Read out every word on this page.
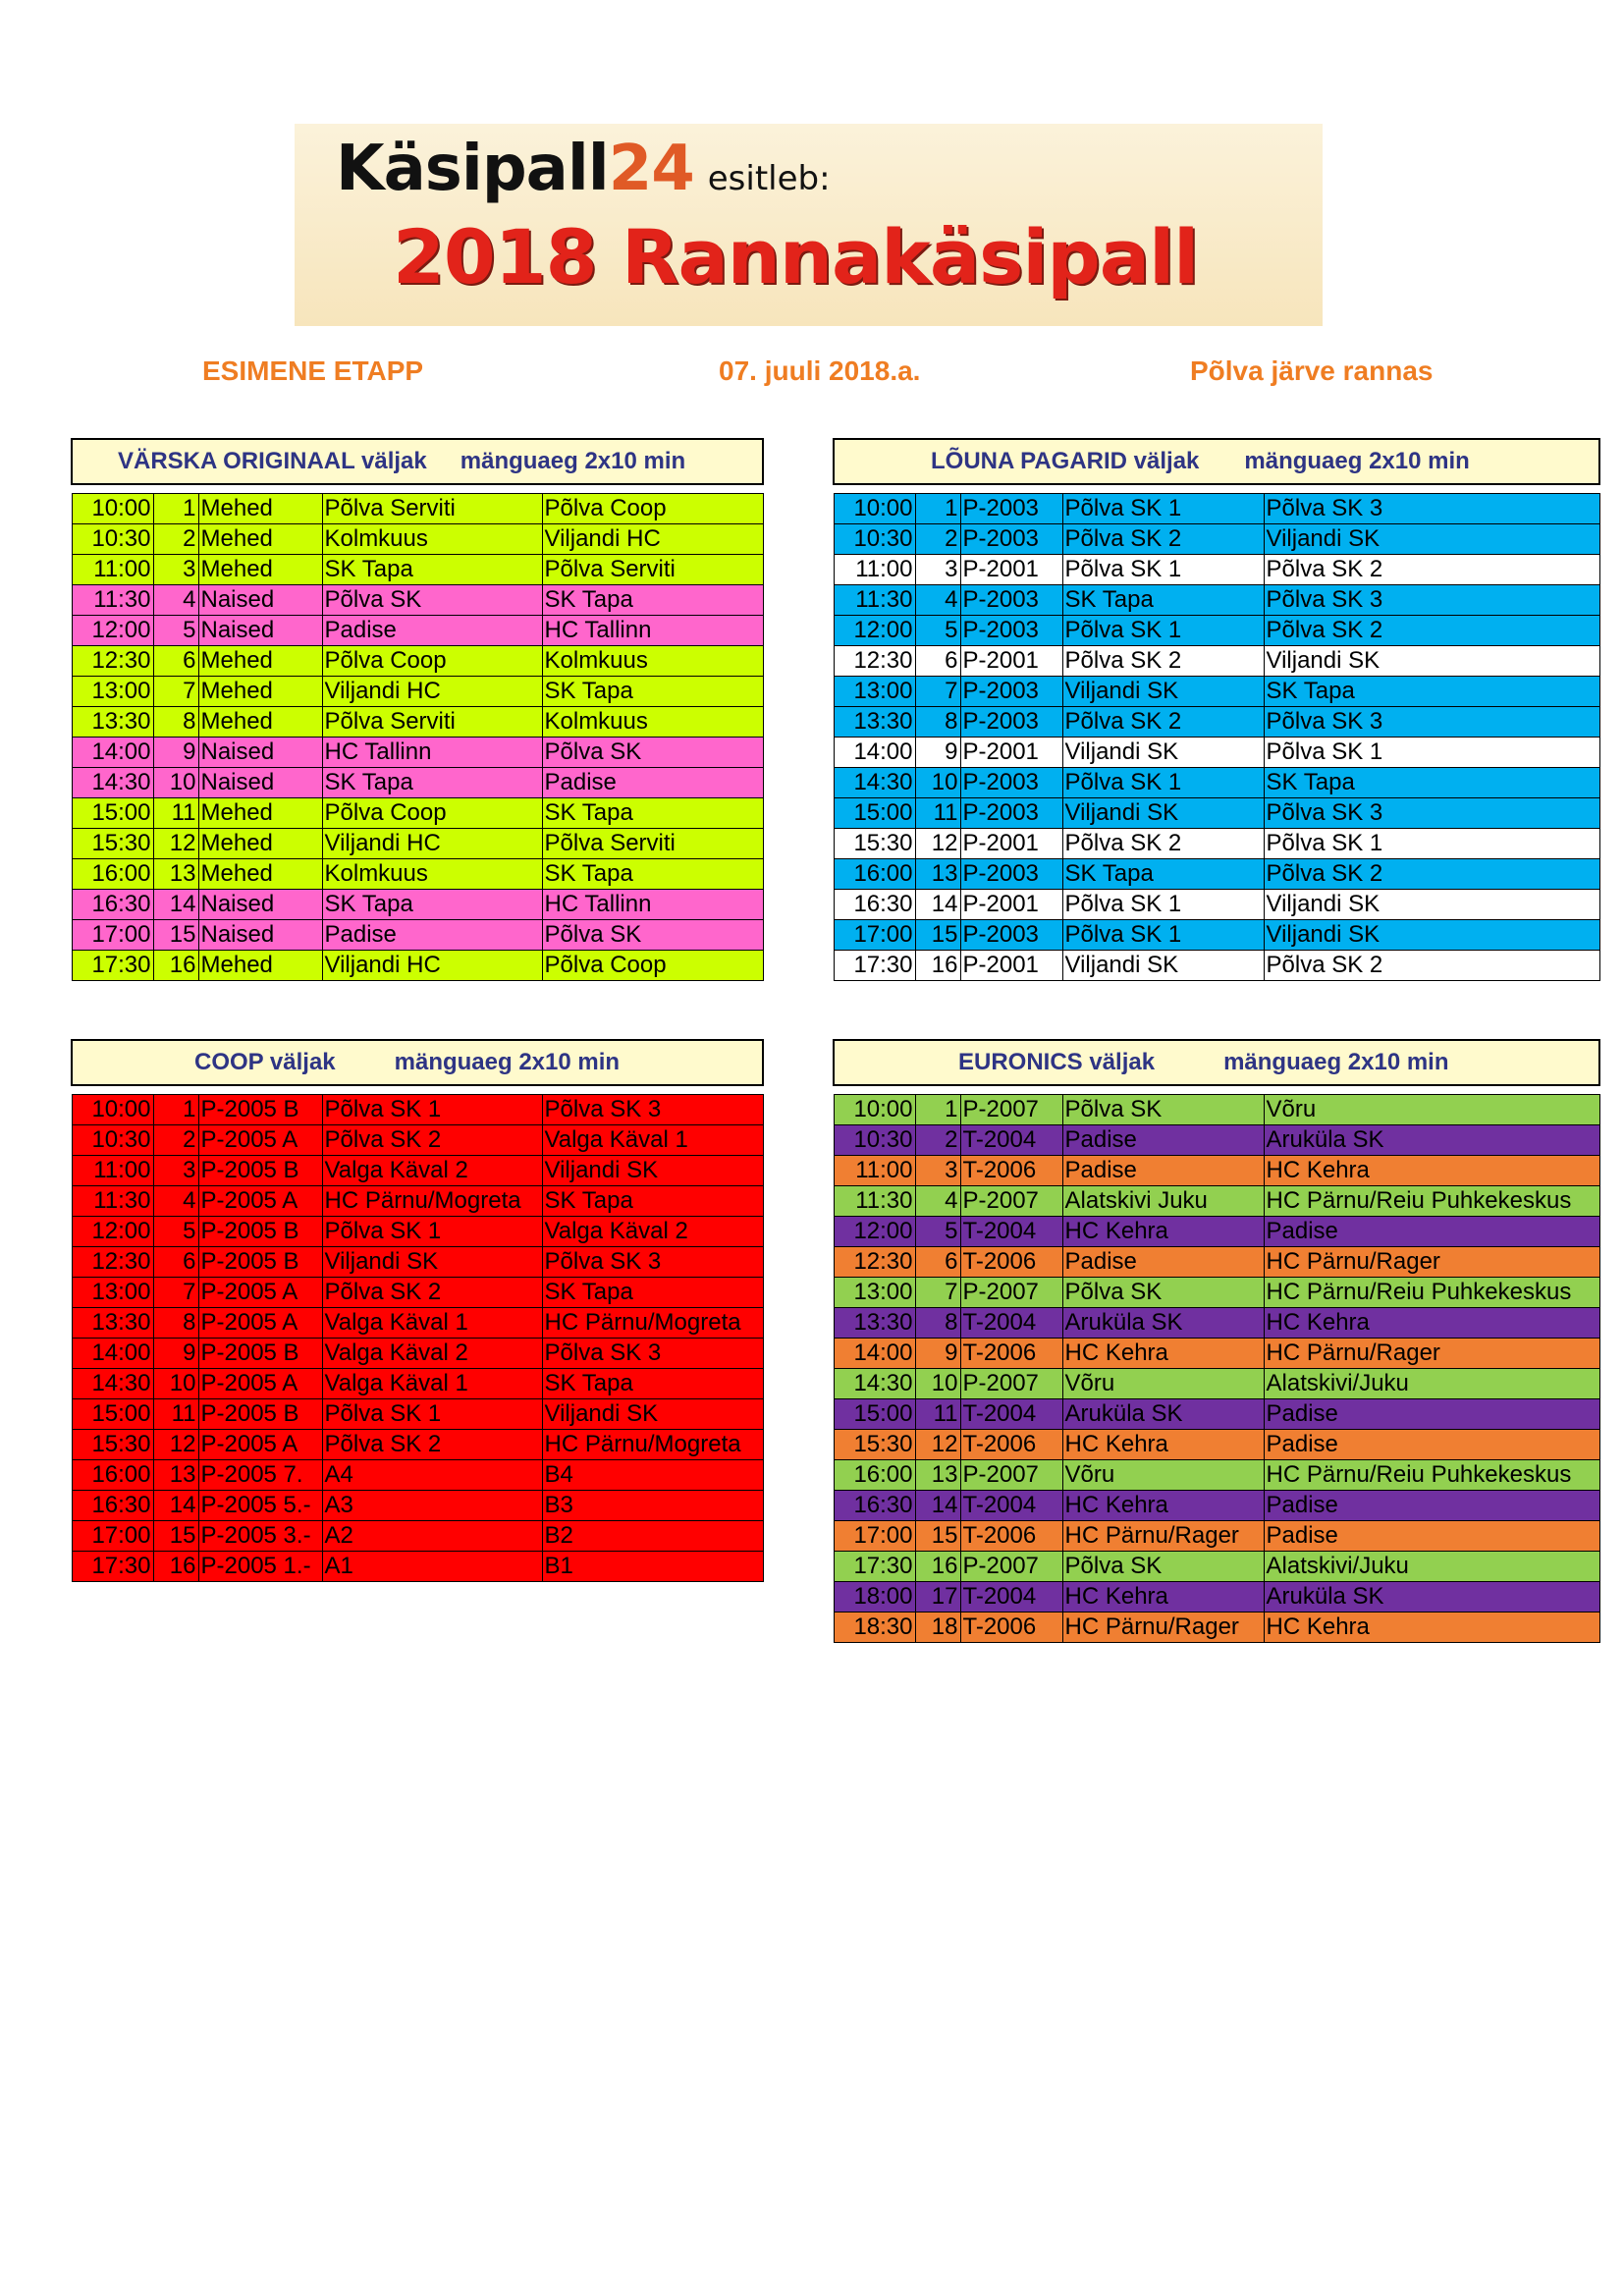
Käsipall24 esitleb:
2018 Rannakäsipall
ESIMENE ETAPP	07. juuli 2018.a.	Põlva järve rannas
VÄRSKA ORIGINAAL väljak mänguaeg 2x10 min				

10:00	1	Mehed	Põlva Serviti	Põlva Coop
10:30	2	Mehed	Kolmkuus	Viljandi HC
11:00	3	Mehed	SK Tapa	Põlva Serviti
11:30	4	Naised	Põlva SK	SK Tapa
12:00	5	Naised	Padise	HC Tallinn
12:30	6	Mehed	Põlva Coop	Kolmkuus
13:00	7	Mehed	Viljandi HC	SK Tapa
13:30	8	Mehed	Põlva Serviti	Kolmkuus
14:00	9	Naised	HC Tallinn	Põlva SK
14:30	10	Naised	SK Tapa	Padise
15:00	11	Mehed	Põlva Coop	SK Tapa
15:30	12	Mehed	Viljandi HC	Põlva Serviti
16:00	13	Mehed	Kolmkuus	SK Tapa
16:30	14	Naised	SK Tapa	HC Tallinn
17:00	15	Naised	Padise	Põlva SK
17:30	16	Mehed	Viljandi HC	Põlva Coop
LÕUNA PAGARID väljak mänguaeg 2x10 min				

10:00	1	P-2003	Põlva SK 1	Põlva SK 3
10:30	2	P-2003	Põlva SK 2	Viljandi SK
11:00	3	P-2001	Põlva SK 1	Põlva SK 2
11:30	4	P-2003	SK Tapa	Põlva SK 3
12:00	5	P-2003	Põlva SK 1	Põlva SK 2
12:30	6	P-2001	Põlva SK 2	Viljandi SK
13:00	7	P-2003	Viljandi SK	SK Tapa
13:30	8	P-2003	Põlva SK 2	Põlva SK 3
14:00	9	P-2001	Viljandi SK	Põlva SK 1
14:30	10	P-2003	Põlva SK 1	SK Tapa
15:00	11	P-2003	Viljandi SK	Põlva SK 3
15:30	12	P-2001	Põlva SK 2	Põlva SK 1
16:00	13	P-2003	SK Tapa	Põlva SK 2
16:30	14	P-2001	Põlva SK 1	Viljandi SK
17:00	15	P-2003	Põlva SK 1	Viljandi SK
17:30	16	P-2001	Viljandi SK	Põlva SK 2
COOP väljak mänguaeg 2x10 min				

10:00	1	P-2005 B	Põlva SK 1	Põlva SK 3
10:30	2	P-2005 A	Põlva SK 2	Valga Käval 1
11:00	3	P-2005 B	Valga Käval 2	Viljandi SK
11:30	4	P-2005 A	HC Pärnu/Mogreta	SK Tapa
12:00	5	P-2005 B	Põlva SK 1	Valga Käval 2
12:30	6	P-2005 B	Viljandi SK	Põlva SK 3
13:00	7	P-2005 A	Põlva SK 2	SK Tapa
13:30	8	P-2005 A	Valga Käval 1	HC Pärnu/Mogreta
14:00	9	P-2005 B	Valga Käval 2	Põlva SK 3
14:30	10	P-2005 A	Valga Käval 1	SK Tapa
15:00	11	P-2005 B	Põlva SK 1	Viljandi SK
15:30	12	P-2005 A	Põlva SK 2	HC Pärnu/Mogreta
16:00	13	P-2005 7.	A4	B4
16:30	14	P-2005 5.-	A3	B3
17:00	15	P-2005 3.-	A2	B2
17:30	16	P-2005 1.-	A1	B1
EURONICS väljak mänguaeg 2x10 min				

10:00	1	P-2007	Põlva SK	Võru
10:30	2	T-2004	Padise	Aruküla SK
11:00	3	T-2006	Padise	HC Kehra
11:30	4	P-2007	Alatskivi Juku	HC Pärnu/Reiu Puhkekeskus
12:00	5	T-2004	HC Kehra	Padise
12:30	6	T-2006	Padise	HC Pärnu/Rager
13:00	7	P-2007	Põlva SK	HC Pärnu/Reiu Puhkekeskus
13:30	8	T-2004	Aruküla SK	HC Kehra
14:00	9	T-2006	HC Kehra	HC Pärnu/Rager
14:30	10	P-2007	Võru	Alatskivi/Juku
15:00	11	T-2004	Aruküla SK	Padise
15:30	12	T-2006	HC Kehra	Padise
16:00	13	P-2007	Võru	HC Pärnu/Reiu Puhkekeskus
16:30	14	T-2004	HC Kehra	Padise
17:00	15	T-2006	HC Pärnu/Rager	Padise
17:30	16	P-2007	Põlva SK	Alatskivi/Juku
18:00	17	T-2004	HC Kehra	Aruküla SK
18:30	18	T-2006	HC Pärnu/Rager	HC Kehra
